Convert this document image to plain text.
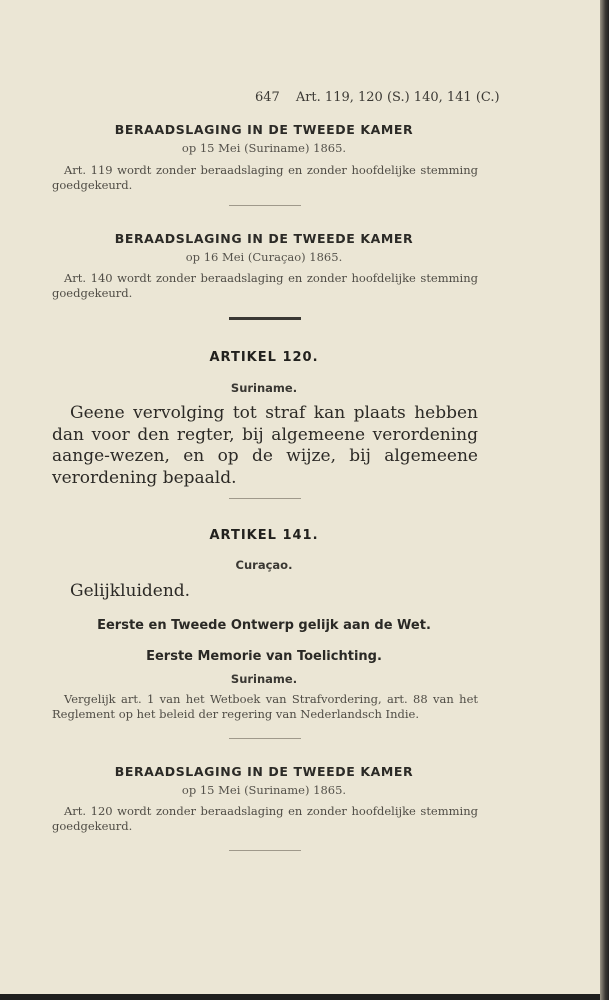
647 Art. 119, 120 (S.) 140, 141 (C.)

BERAADSLAGING IN DE TWEEDE KAMER

op 15 Mei (Suriname) 1865.

Art. 119 wordt zonder beraadslaging en zonder hoofdelijke stemming goedgekeurd.

BERAADSLAGING IN DE TWEEDE KAMER

op 16 Mei (Curaçao) 1865.

Art. 140 wordt zonder beraadslaging en zonder hoofdelijke stemming goedgekeurd.

ARTIKEL 120.

Suriname.

Geene vervolging tot straf kan plaats hebben dan voor den regter, bij algemeene verordening aange-wezen, en op de wijze, bij algemeene verordening bepaald.

ARTIKEL 141.

Curaçao.

Gelijkluidend.

Eerste en Tweede Ontwerp gelijk aan de Wet.

Eerste Memorie van Toelichting.

Suriname.

Vergelijk art. 1 van het Wetboek van Strafvordering, art. 88 van het Reglement op het beleid der regering van Nederlandsch Indie.

BERAADSLAGING IN DE TWEEDE KAMER

op 15 Mei (Suriname) 1865.

Art. 120 wordt zonder beraadslaging en zonder hoofdelijke stemming goedgekeurd.
